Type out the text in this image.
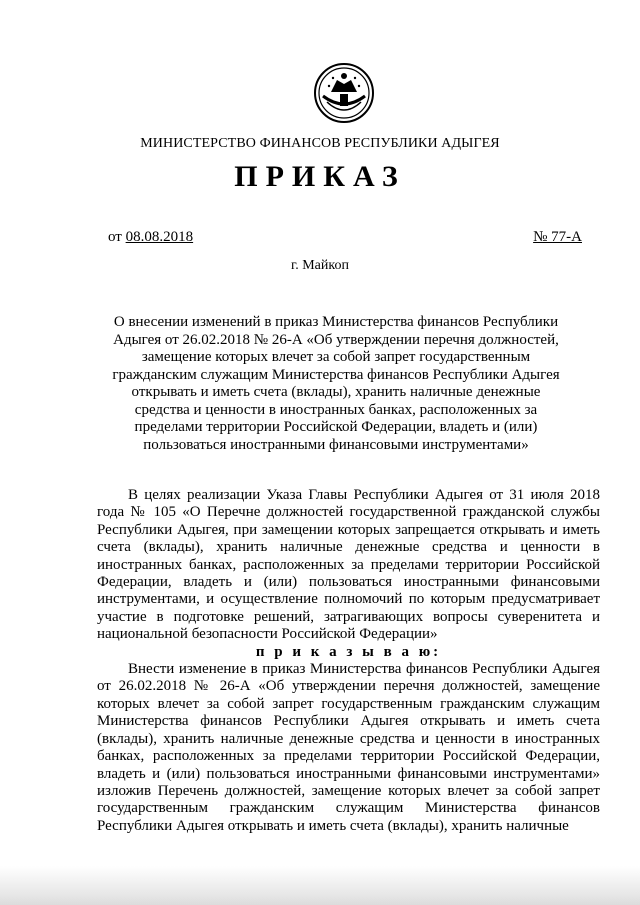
МИНИСТЕРСТВО ФИНАНСОВ РЕСПУБЛИКИ АДЫГЕЯ
ПРИКАЗ
от 08.08.2018	№ 77-А
г. Майкоп
О внесении изменений в приказ Министерства финансов Республики Адыгея от 26.02.2018 № 26-А «Об утверждении перечня должностей, замещение которых влечет за собой запрет государственным гражданским служащим Министерства финансов Республики Адыгея открывать и иметь счета (вклады), хранить наличные денежные средства и ценности в иностранных банках, расположенных за пределами территории Российской Федерации, владеть и (или) пользоваться иностранными финансовыми инструментами»

В целях реализации Указа Главы Республики Адыгея от 31 июля 2018 года № 105 «О Перечне должностей государственной гражданской службы Республики Адыгея, при замещении которых запрещается открывать и иметь счета (вклады), хранить наличные денежные средства и ценности в иностранных банках, расположенных за пределами территории Российской Федерации, владеть и (или) пользоваться иностранными финансовыми инструментами, и осуществление полномочий по которым предусматривает участие в подготовке решений, затрагивающих вопросы суверенитета и национальной безопасности Российской Федерации»

п р и к а з ы в а ю:

Внести изменение в приказ Министерства финансов Республики Адыгея от 26.02.2018 № 26-А «Об утверждении перечня должностей, замещение которых влечет за собой запрет государственным гражданским служащим Министерства финансов Республики Адыгея открывать и иметь счета (вклады), хранить наличные денежные средства и ценности в иностранных банках, расположенных за пределами территории Российской Федерации, владеть и (или) пользоваться иностранными финансовыми инструментами» изложив Перечень должностей, замещение которых влечет за собой запрет государственным гражданским служащим Министерства финансов Республики Адыгея открывать и иметь счета (вклады), хранить наличные
